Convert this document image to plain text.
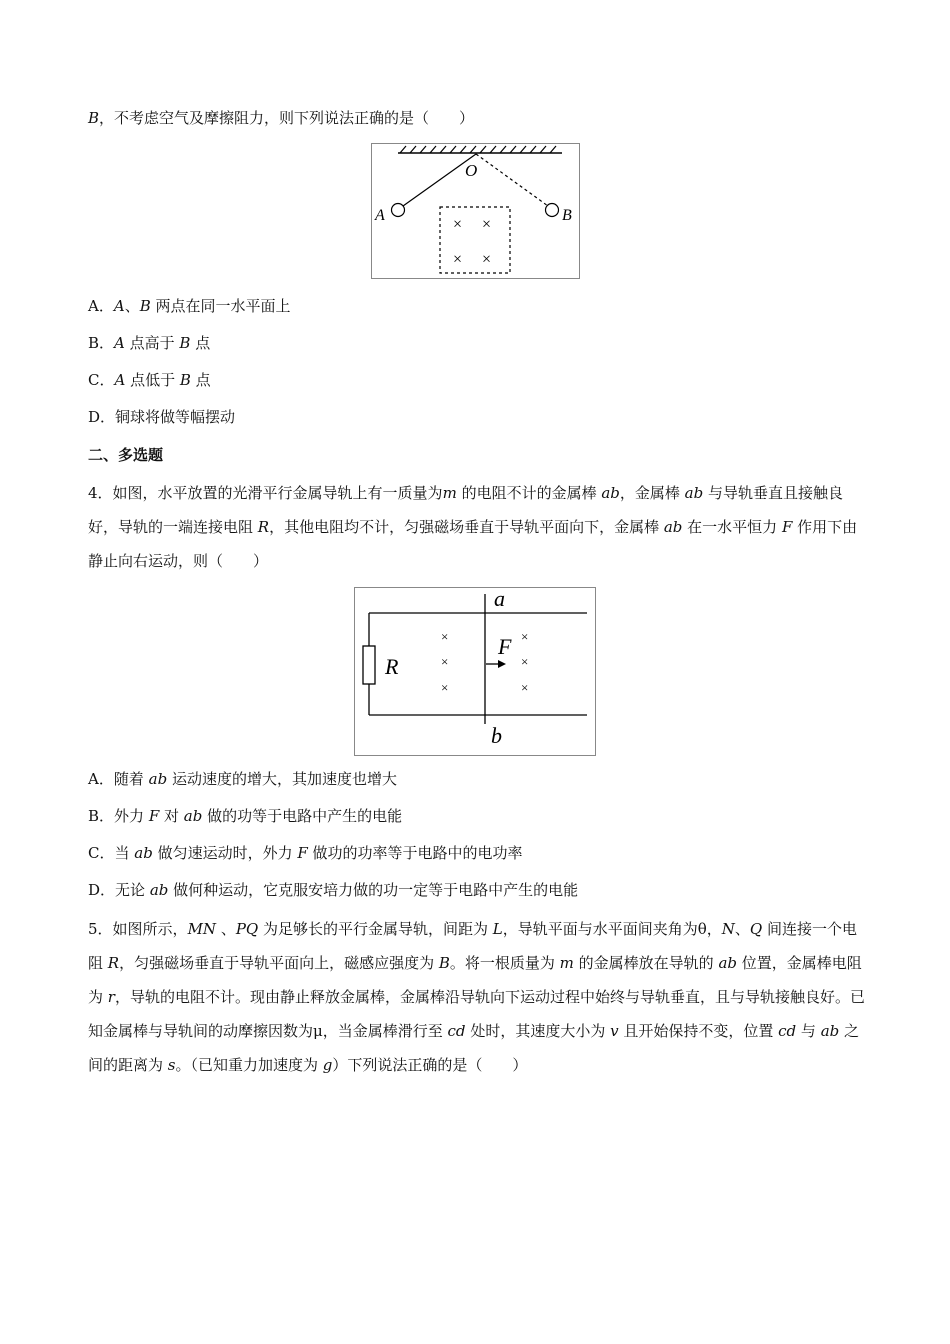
B，不考虑空气及摩擦阻力，则下列说法正确的是（　　）
O
A	B
× ×
× ×
A．A、B 两点在同一水平面上
B．A 点高于 B 点
C．A 点低于 B 点
D．铜球将做等幅摆动
二、多选题
4．如图，水平放置的光滑平行金属导轨上有一质量为m 的电阻不计的金属棒 ab，金属棒 ab 与导轨垂直且接触良好，导轨的一端连接电阻 R，其他电阻均不计，匀强磁场垂直于导轨平面向下，金属棒 ab 在一水平恒力 F 作用下由静止向右运动，则（　　）
R
a
b
F
×
×
×
×
×
×
A．随着 ab 运动速度的增大，其加速度也增大
B．外力 F 对 ab 做的功等于电路中产生的电能
C．当 ab 做匀速运动时，外力 F 做功的功率等于电路中的电功率
D．无论 ab 做何种运动，它克服安培力做的功一定等于电路中产生的电能
5．如图所示，MN 、PQ 为足够长的平行金属导轨，间距为 L，导轨平面与水平面间夹角为θ，N、Q 间连接一个电阻 R，匀强磁场垂直于导轨平面向上，磁感应强度为 B。将一根质量为 m 的金属棒放在导轨的 ab 位置，金属棒电阻为 r，导轨的电阻不计。现由静止释放金属棒，金属棒沿导轨向下运动过程中始终与导轨垂直，且与导轨接触良好。已知金属棒与导轨间的动摩擦因数为μ，当金属棒滑行至 cd 处时，其速度大小为 v 且开始保持不变，位置 cd 与 ab 之间的距离为 s。（已知重力加速度为 g）下列说法正确的是（　　）
